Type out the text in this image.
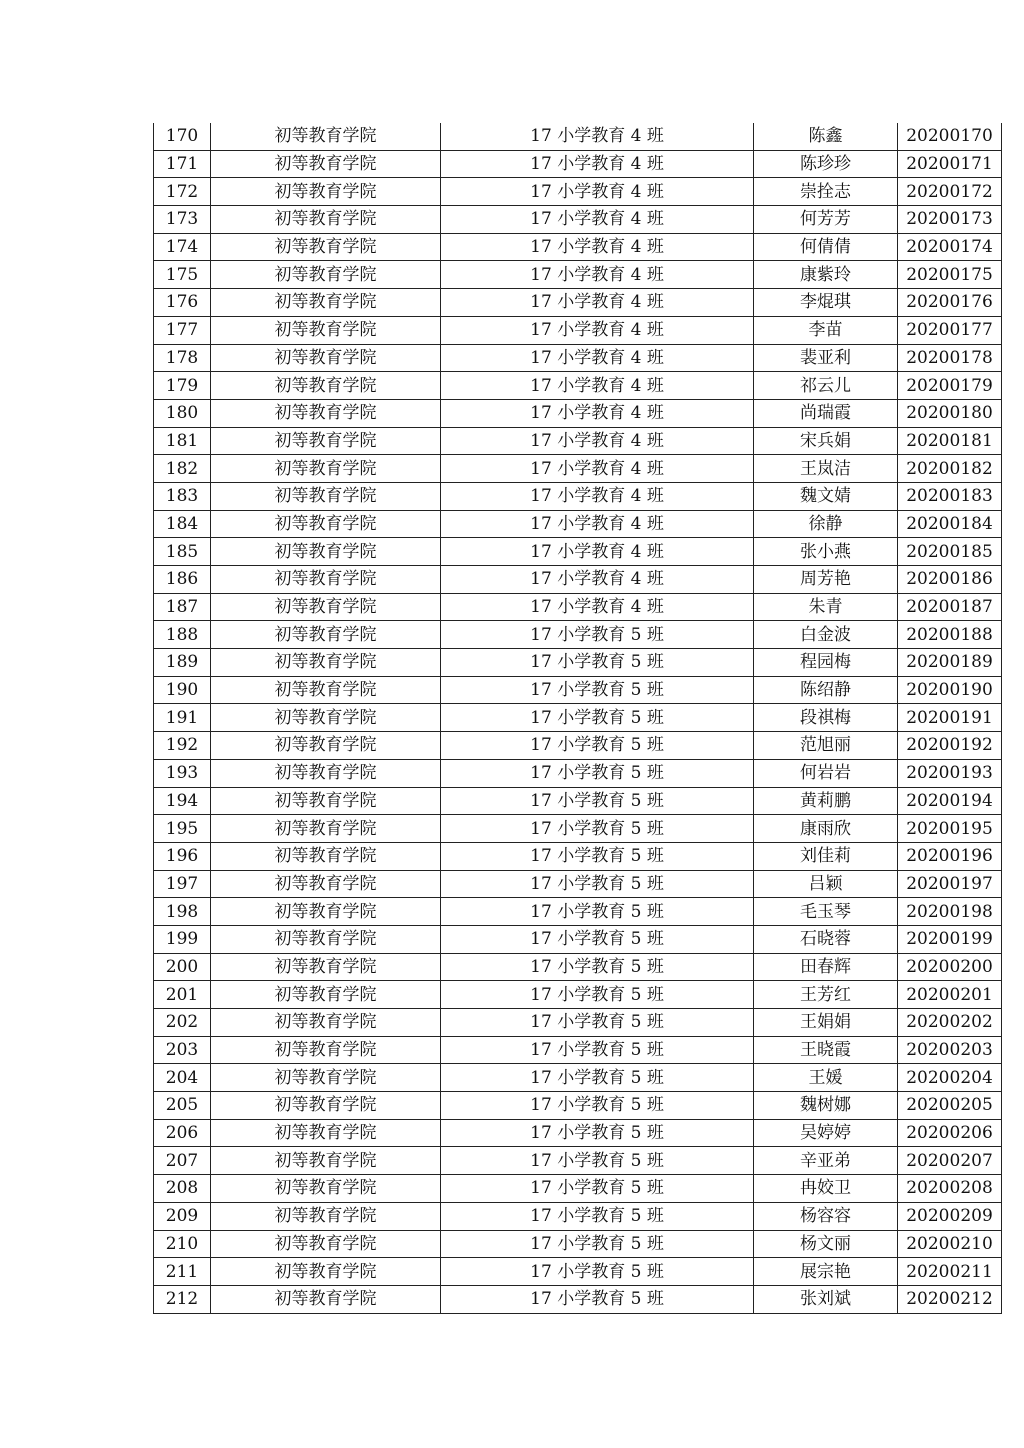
170	初等教育学院	17 小学教育 4 班	陈鑫	20200170
171	初等教育学院	17 小学教育 4 班	陈珍珍	20200171
172	初等教育学院	17 小学教育 4 班	崇拴志	20200172
173	初等教育学院	17 小学教育 4 班	何芳芳	20200173
174	初等教育学院	17 小学教育 4 班	何倩倩	20200174
175	初等教育学院	17 小学教育 4 班	康紫玲	20200175
176	初等教育学院	17 小学教育 4 班	李焜琪	20200176
177	初等教育学院	17 小学教育 4 班	李苗	20200177
178	初等教育学院	17 小学教育 4 班	裴亚利	20200178
179	初等教育学院	17 小学教育 4 班	祁云儿	20200179
180	初等教育学院	17 小学教育 4 班	尚瑞霞	20200180
181	初等教育学院	17 小学教育 4 班	宋兵娟	20200181
182	初等教育学院	17 小学教育 4 班	王岚洁	20200182
183	初等教育学院	17 小学教育 4 班	魏文婧	20200183
184	初等教育学院	17 小学教育 4 班	徐静	20200184
185	初等教育学院	17 小学教育 4 班	张小燕	20200185
186	初等教育学院	17 小学教育 4 班	周芳艳	20200186
187	初等教育学院	17 小学教育 4 班	朱青	20200187
188	初等教育学院	17 小学教育 5 班	白金波	20200188
189	初等教育学院	17 小学教育 5 班	程园梅	20200189
190	初等教育学院	17 小学教育 5 班	陈绍静	20200190
191	初等教育学院	17 小学教育 5 班	段祺梅	20200191
192	初等教育学院	17 小学教育 5 班	范旭丽	20200192
193	初等教育学院	17 小学教育 5 班	何岩岩	20200193
194	初等教育学院	17 小学教育 5 班	黄莉鹏	20200194
195	初等教育学院	17 小学教育 5 班	康雨欣	20200195
196	初等教育学院	17 小学教育 5 班	刘佳莉	20200196
197	初等教育学院	17 小学教育 5 班	吕颖	20200197
198	初等教育学院	17 小学教育 5 班	毛玉琴	20200198
199	初等教育学院	17 小学教育 5 班	石晓蓉	20200199
200	初等教育学院	17 小学教育 5 班	田春辉	20200200
201	初等教育学院	17 小学教育 5 班	王芳红	20200201
202	初等教育学院	17 小学教育 5 班	王娟娟	20200202
203	初等教育学院	17 小学教育 5 班	王晓霞	20200203
204	初等教育学院	17 小学教育 5 班	王媛	20200204
205	初等教育学院	17 小学教育 5 班	魏树娜	20200205
206	初等教育学院	17 小学教育 5 班	吴婷婷	20200206
207	初等教育学院	17 小学教育 5 班	辛亚弟	20200207
208	初等教育学院	17 小学教育 5 班	冉姣卫	20200208
209	初等教育学院	17 小学教育 5 班	杨容容	20200209
210	初等教育学院	17 小学教育 5 班	杨文丽	20200210
211	初等教育学院	17 小学教育 5 班	展宗艳	20200211
212	初等教育学院	17 小学教育 5 班	张刘斌	20200212
